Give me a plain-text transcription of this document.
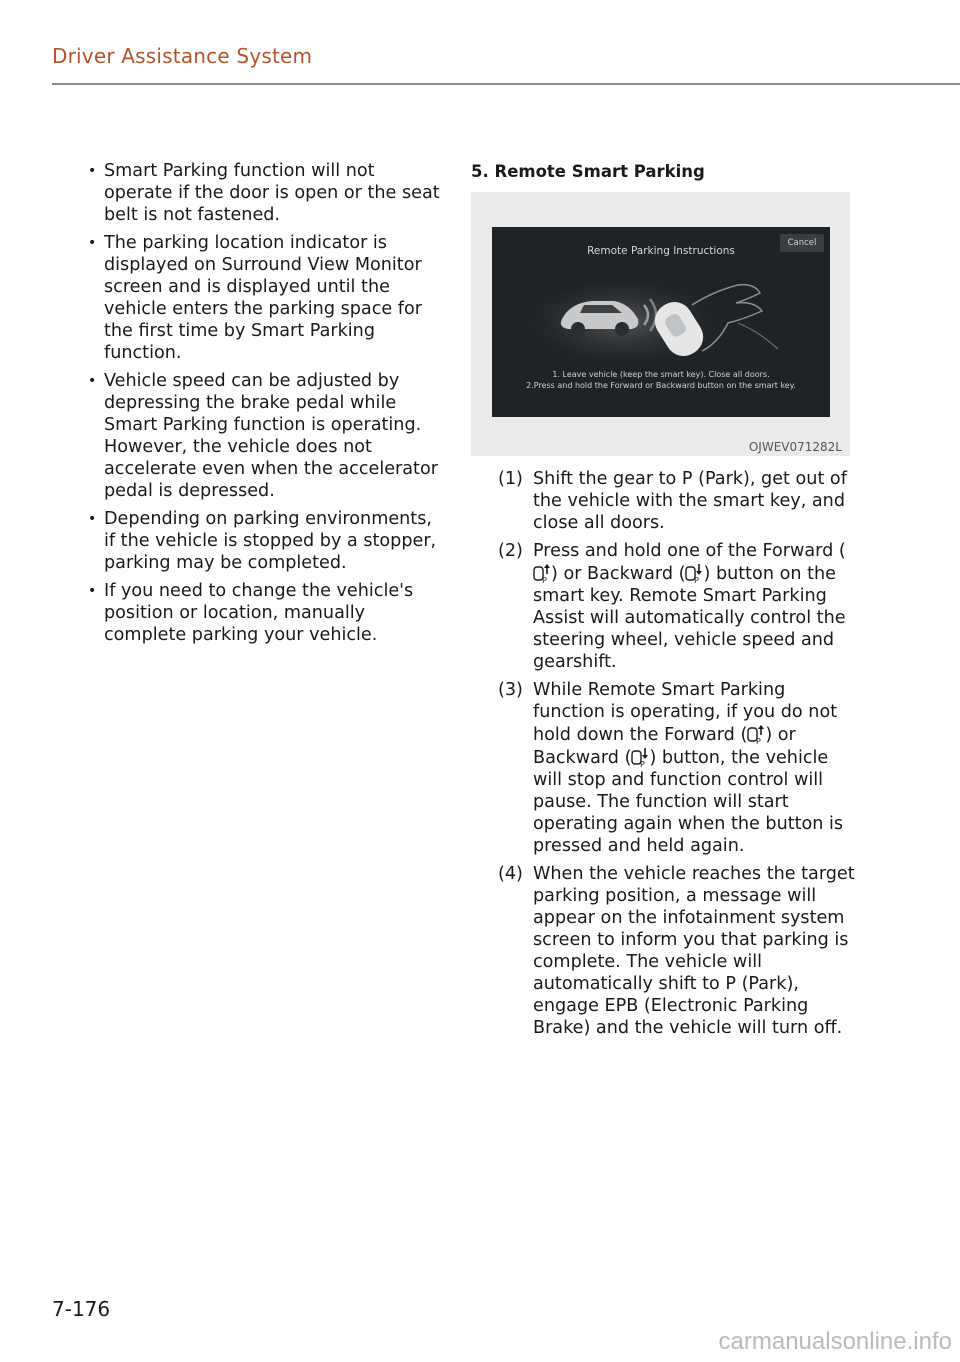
Driver Assistance System
• Smart Parking function will not operate if the door is open or the seat belt is not fastened.
• The parking location indicator is displayed on Surround View Monitor screen and is displayed until the vehicle enters the parking space for the first time by Smart Parking function.
• Vehicle speed can be adjusted by depressing the brake pedal while Smart Parking function is operating. However, the vehicle does not accelerate even when the accelerator pedal is depressed.
• Depending on parking environments, if the vehicle is stopped by a stopper, parking may be completed.
• If you need to change the vehicle's position or location, manually complete parking your vehicle.
5. Remote Smart Parking
Remote Parking Instructions
Cancel
1. Leave vehicle (keep the smart key). Close all doors.
2.Press and hold the Forward or Backward button on the smart key.
OJWEV071282L
(1) Shift the gear to P (Park), get out of the vehicle with the smart key, and close all doors.
(2) Press and hold one of the Forward (
P ) or Backward ( P ) button on the smart key. Remote Smart Parking Assist will automatically control the steering wheel, vehicle speed and gearshift.
(3) While Remote Smart Parking function is operating, if you do not hold down the Forward ( P ) or Backward ( P ) button, the vehicle will stop and function control will pause. The function will start operating again when the button is pressed and held again.
(4) When the vehicle reaches the target parking position, a message will appear on the infotainment system screen to inform you that parking is complete. The vehicle will automatically shift to P (Park), engage EPB (Electronic Parking Brake) and the vehicle will turn off.
7-176
carmanualsonline.info
